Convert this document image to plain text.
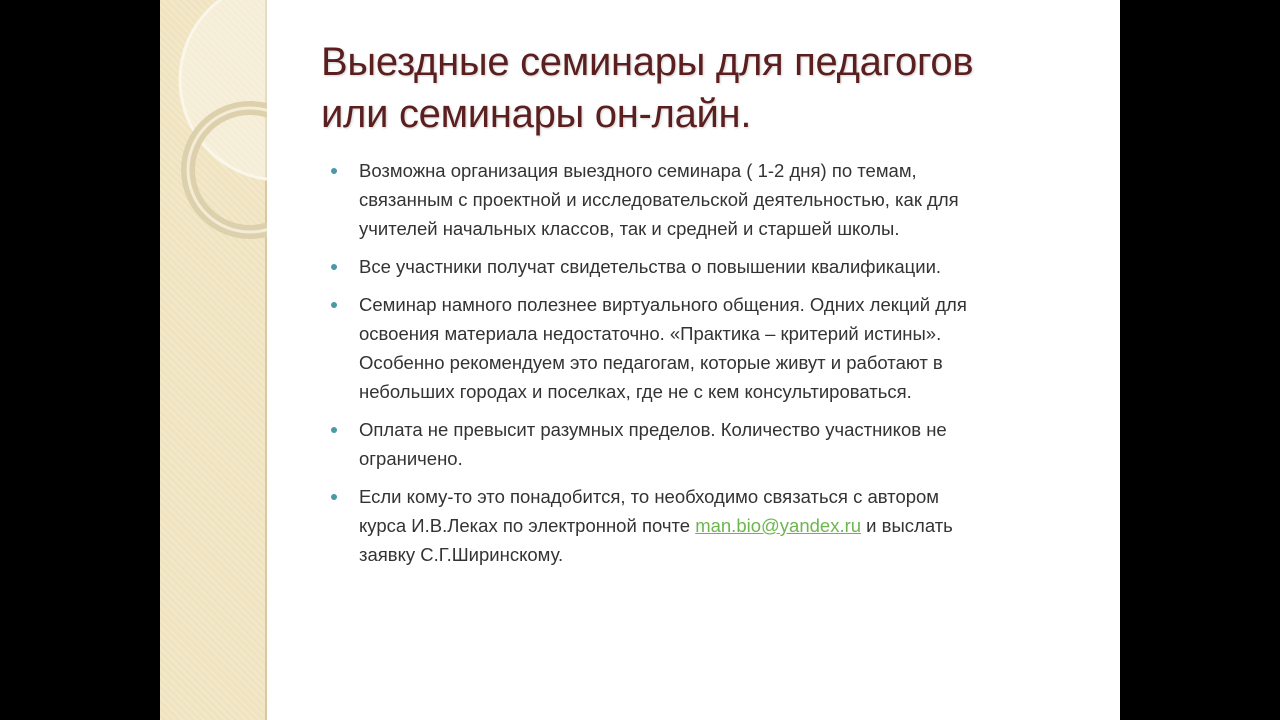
Выездные семинары для педагогов
или семинары он-лайн.
Возможна организация выездного семинара ( 1-2 дня) по темам,
связанным с проектной и исследовательской деятельностью, как для
учителей начальных классов, так и средней и старшей школы.
Все участники получат свидетельства о повышении квалификации.
Семинар намного полезнее виртуального общения. Одних лекций для
освоения материала недостаточно. «Практика – критерий истины».
Особенно рекомендуем это педагогам, которые живут и работают в
небольших городах и поселках, где не с кем консультироваться.
Оплата не превысит разумных пределов. Количество участников не
ограничено.
Если кому-то это понадобится, то необходимо связаться с автором
курса И.В.Леках по электронной почте man.bio@yandex.ru и выслать
заявку С.Г.Ширинскому.
